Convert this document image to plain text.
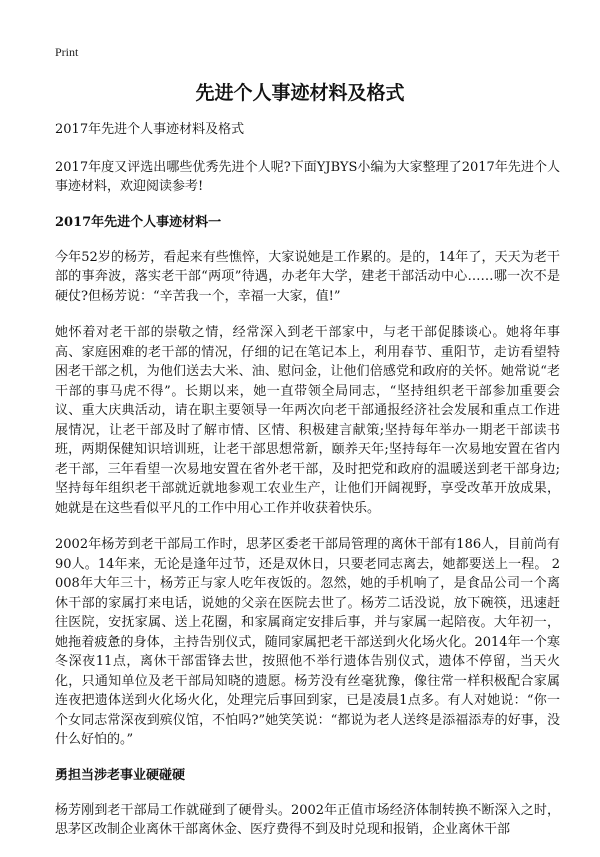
Print
先进个人事迹材料及格式

2017年先进个人事迹材料及格式

2017年度又评选出哪些优秀先进个人呢?下面YJBYS小编为大家整理了2017年先进个人事迹材料，欢迎阅读参考!

2017年先进个人事迹材料一

今年52岁的杨芳，看起来有些憔悴，大家说她是工作累的。是的，14年了，天天为老干部的事奔波，落实老干部“两项”待遇，办老年大学，建老干部活动中心……哪一次不是硬仗?但杨芳说：“辛苦我一个，幸福一大家，值!”

她怀着对老干部的崇敬之情，经常深入到老干部家中，与老干部促膝谈心。她将年事高、家庭困难的老干部的情况，仔细的记在笔记本上，利用春节、重阳节，走访看望特困老干部之机，为他们送去大米、油、慰问金，让他们倍感党和政府的关怀。她常说“老干部的事马虎不得”。长期以来，她一直带领全局同志，“坚持组织老干部参加重要会议、重大庆典活动，请在职主要领导一年两次向老干部通报经济社会发展和重点工作进展情况，让老干部及时了解市情、区情、积极建言献策;坚持每年举办一期老干部读书班，两期保健知识培训班，让老干部思想常新，颐养天年;坚持每年一次易地安置在省内老干部，三年看望一次易地安置在省外老干部，及时把党和政府的温暖送到老干部身边;坚持每年组织老干部就近就地参观工农业生产，让他们开阔视野，享受改革开放成果，她就是在这些看似平凡的工作中用心工作并收获着快乐。

2002年杨芳到老干部局工作时，思茅区委老干部局管理的离休干部有186人，目前尚有90人。14年来，无论是逢年过节，还是双休日，只要老同志离去，她都要送上一程。 2008年大年三十，杨芳正与家人吃年夜饭的。忽然，她的手机响了，是食品公司一个离休干部的家属打来电话，说她的父亲在医院去世了。杨芳二话没说，放下碗筷，迅速赶往医院，安抚家属、送上花圈，和家属商定安排后事，并与家属一起陪夜。大年初一，她拖着疲惫的身体，主持告别仪式，随同家属把老干部送到火化场火化。2014年一个寒冬深夜11点，离休干部雷锋去世，按照他不举行遗体告别仪式，遗体不停留，当天火化，只通知单位及老干部局知晓的遗愿。杨芳没有丝毫犹豫，像往常一样积极配合家属连夜把遗体送到火化场火化，处理完后事回到家，已是凌晨1点多。有人对她说：“你一个女同志常深夜到殡仪馆，不怕吗?”她笑笑说：“都说为老人送终是添福添寿的好事，没什么好怕的。”

勇担当涉老事业硬碰硬

杨芳刚到老干部局工作就碰到了硬骨头。2002年正值市场经济体制转换不断深入之时，思茅区改制企业离休干部离休金、医疗费得不到及时兑现和报销，企业离休干部
